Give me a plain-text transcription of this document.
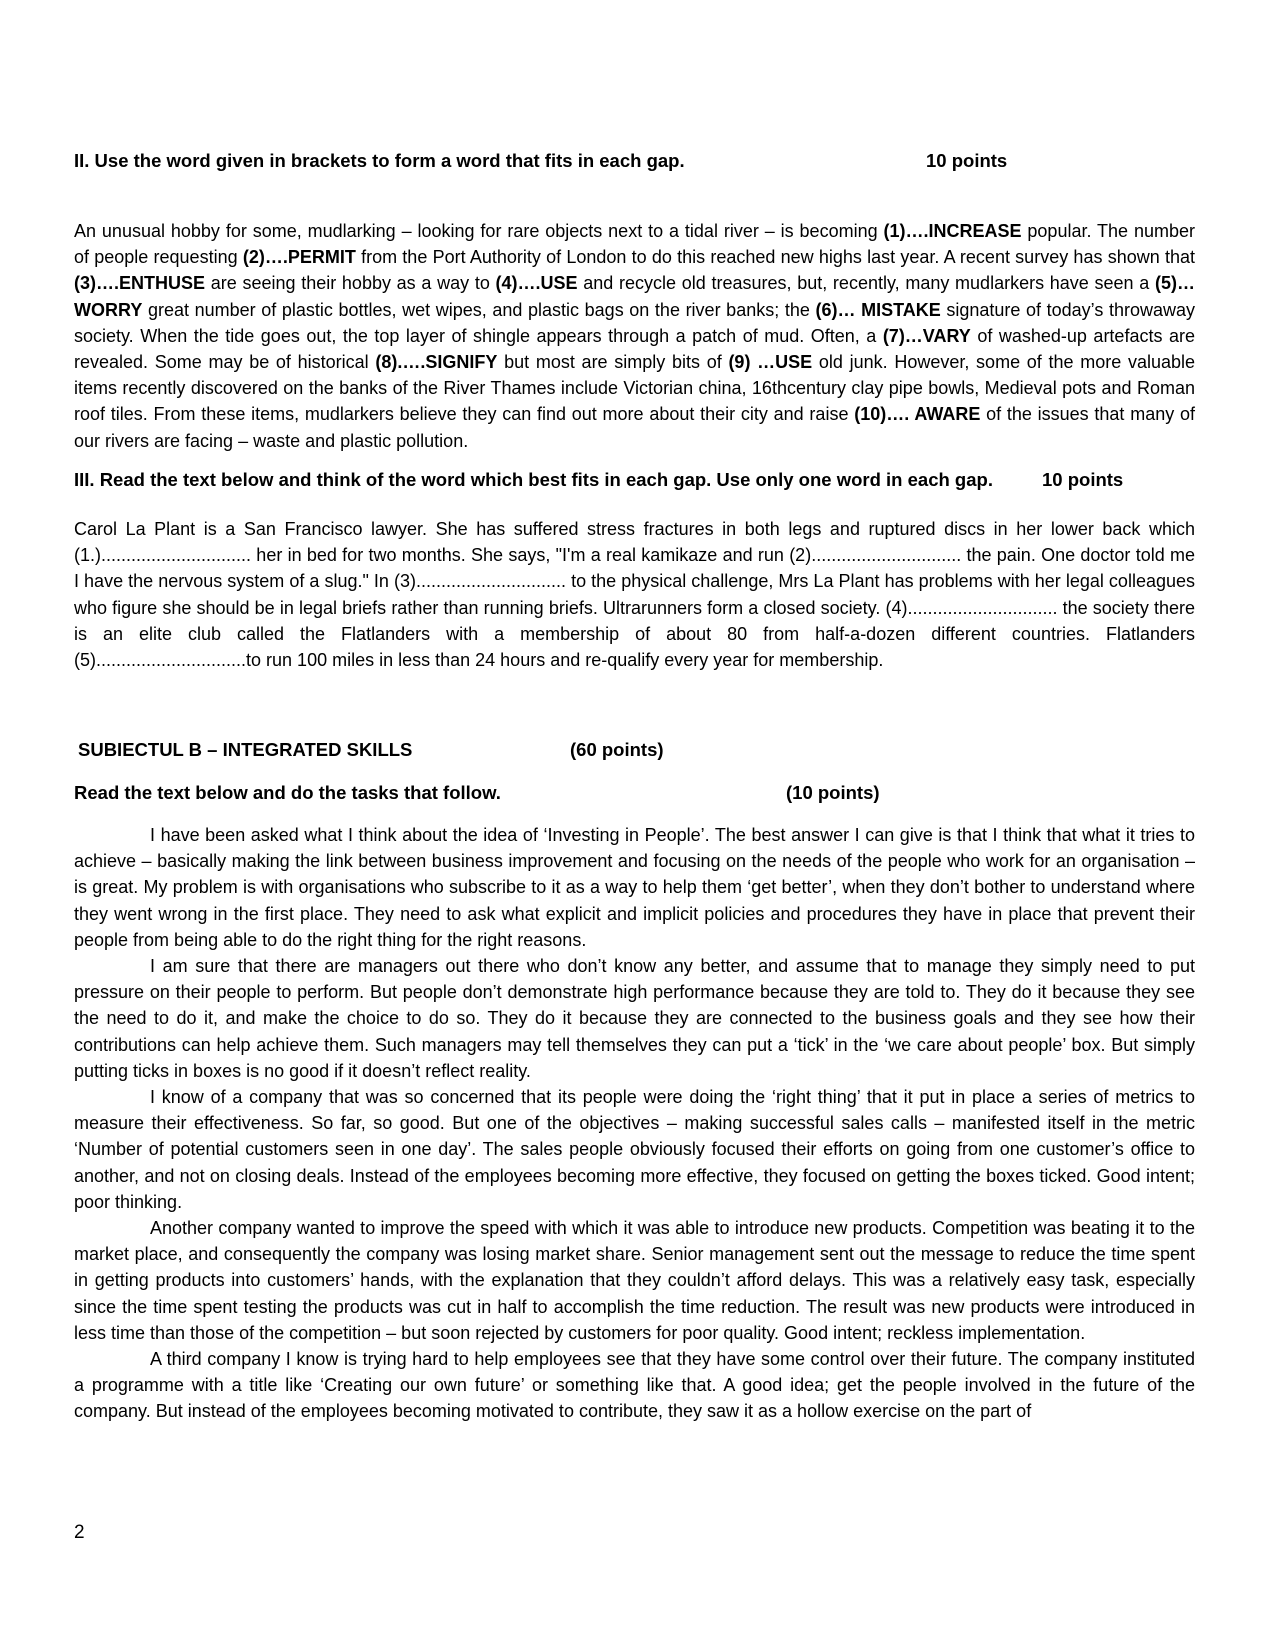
II. Use the word given in brackets to form a word that fits in each gap.	10 points

An unusual hobby for some, mudlarking – looking for rare objects next to a tidal river – is becoming (1)….INCREASE popular. The number of people requesting (2)….PERMIT from the Port Authority of London to do this reached new highs last year. A recent survey has shown that (3)….ENTHUSE are seeing their hobby as a way to (4)….USE and recycle old treasures, but, recently, many mudlarkers have seen a (5)…WORRY great number of plastic bottles, wet wipes, and plastic bags on the river banks; the (6)… MISTAKE signature of today’s throwaway society. When the tide goes out, the top layer of shingle appears through a patch of mud. Often, a (7)…VARY of washed-up artefacts are revealed. Some may be of historical (8).….SIGNIFY but most are simply bits of (9) …USE old junk. However, some of the more valuable items recently discovered on the banks of the River Thames include Victorian china, 16thcentury clay pipe bowls, Medieval pots and Roman roof tiles. From these items, mudlarkers believe they can find out more about their city and raise (10)…. AWARE of the issues that many of our rivers are facing – waste and plastic pollution.

III. Read the text below and think of the word which best fits in each gap. Use only one word in each gap.	10 points

Carol La Plant is a San Francisco lawyer. She has suffered stress fractures in both legs and ruptured discs in her lower back which (1.).............................. her in bed for two months. She says, "I'm a real kamikaze and run (2).............................. the pain. One doctor told me I have the nervous system of a slug." In (3).............................. to the physical challenge, Mrs La Plant has problems with her legal colleagues who figure she should be in legal briefs rather than running briefs. Ultrarunners form a closed society. (4).............................. the society there is an elite club called the Flatlanders with a membership of about 80 from half-a-dozen different countries. Flatlanders (5)..............................to run 100 miles in less than 24 hours and re-qualify every year for membership.

SUBIECTUL B – INTEGRATED SKILLS	(60 points)
Read the text below and do the tasks that follow.	(10 points)

I have been asked what I think about the idea of ‘Investing in People’. The best answer I can give is that I think that what it tries to achieve – basically making the link between business improvement and focusing on the needs of the people who work for an organisation – is great. My problem is with organisations who subscribe to it as a way to help them ‘get better’, when they don’t bother to understand where they went wrong in the first place. They need to ask what explicit and implicit policies and procedures they have in place that prevent their people from being able to do the right thing for the right reasons.

I am sure that there are managers out there who don’t know any better, and assume that to manage they simply need to put pressure on their people to perform. But people don’t demonstrate high performance because they are told to. They do it because they see the need to do it, and make the choice to do so. They do it because they are connected to the business goals and they see how their contributions can help achieve them. Such managers may tell themselves they can put a ‘tick’ in the ‘we care about people’ box. But simply putting ticks in boxes is no good if it doesn’t reflect reality.

I know of a company that was so concerned that its people were doing the ‘right thing’ that it put in place a series of metrics to measure their effectiveness. So far, so good. But one of the objectives – making successful sales calls – manifested itself in the metric ‘Number of potential customers seen in one day’. The sales people obviously focused their efforts on going from one customer’s office to another, and not on closing deals. Instead of the employees becoming more effective, they focused on getting the boxes ticked. Good intent; poor thinking.

Another company wanted to improve the speed with which it was able to introduce new products. Competition was beating it to the market place, and consequently the company was losing market share. Senior management sent out the message to reduce the time spent in getting products into customers’ hands, with the explanation that they couldn’t afford delays. This was a relatively easy task, especially since the time spent testing the products was cut in half to accomplish the time reduction. The result was new products were introduced in less time than those of the competition – but soon rejected by customers for poor quality. Good intent; reckless implementation.

A third company I know is trying hard to help employees see that they have some control over their future. The company instituted a programme with a title like ‘Creating our own future’ or something like that. A good idea; get the people involved in the future of the company. But instead of the employees becoming motivated to contribute, they saw it as a hollow exercise on the part of

2
